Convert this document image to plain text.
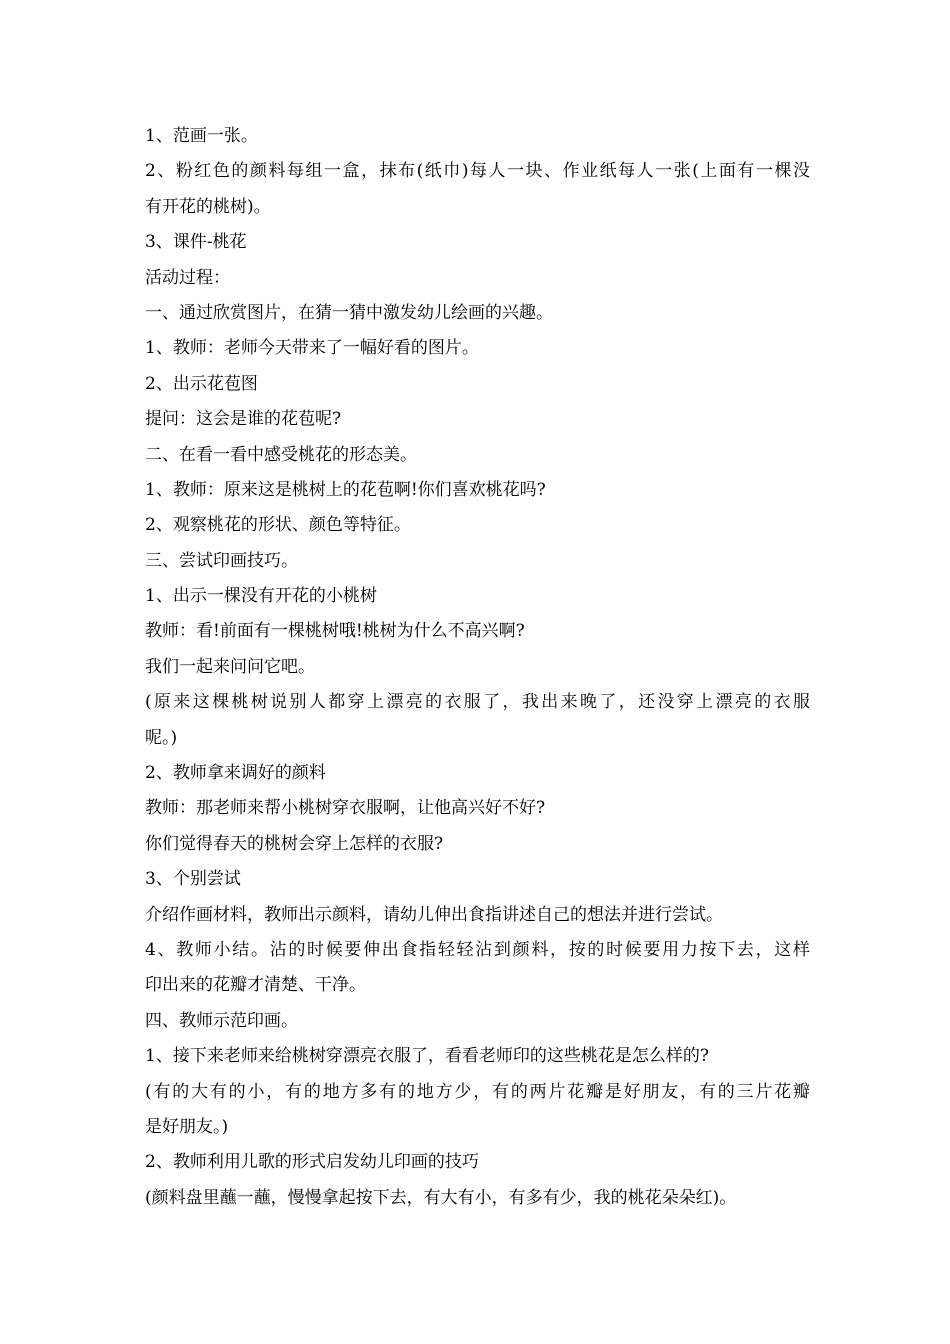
1、范画一张。
2、粉红色的颜料每组一盒，抹布(纸巾)每人一块、作业纸每人一张(上面有一棵没
有开花的桃树)。
3、课件-桃花
活动过程：
一、通过欣赏图片，在猜一猜中激发幼儿绘画的兴趣。
1、教师：老师今天带来了一幅好看的图片。
2、出示花苞图
提问：这会是谁的花苞呢?
二、在看一看中感受桃花的形态美。
1、教师：原来这是桃树上的花苞啊!你们喜欢桃花吗?
2、观察桃花的形状、颜色等特征。
三、尝试印画技巧。
1、出示一棵没有开花的小桃树
教师：看!前面有一棵桃树哦!桃树为什么不高兴啊?
我们一起来问问它吧。
(原来这棵桃树说别人都穿上漂亮的衣服了，我出来晚了，还没穿上漂亮的衣服
呢。)
2、教师拿来调好的颜料
教师：那老师来帮小桃树穿衣服啊，让他高兴好不好?
你们觉得春天的桃树会穿上怎样的衣服?
3、个别尝试
介绍作画材料，教师出示颜料，请幼儿伸出食指讲述自己的想法并进行尝试。
4、教师小结。沾的时候要伸出食指轻轻沾到颜料，按的时候要用力按下去，这样
印出来的花瓣才清楚、干净。
四、教师示范印画。
1、接下来老师来给桃树穿漂亮衣服了，看看老师印的这些桃花是怎么样的?
(有的大有的小，有的地方多有的地方少，有的两片花瓣是好朋友，有的三片花瓣
是好朋友。)
2、教师利用儿歌的形式启发幼儿印画的技巧
(颜料盘里蘸一蘸，慢慢拿起按下去，有大有小，有多有少，我的桃花朵朵红)。
